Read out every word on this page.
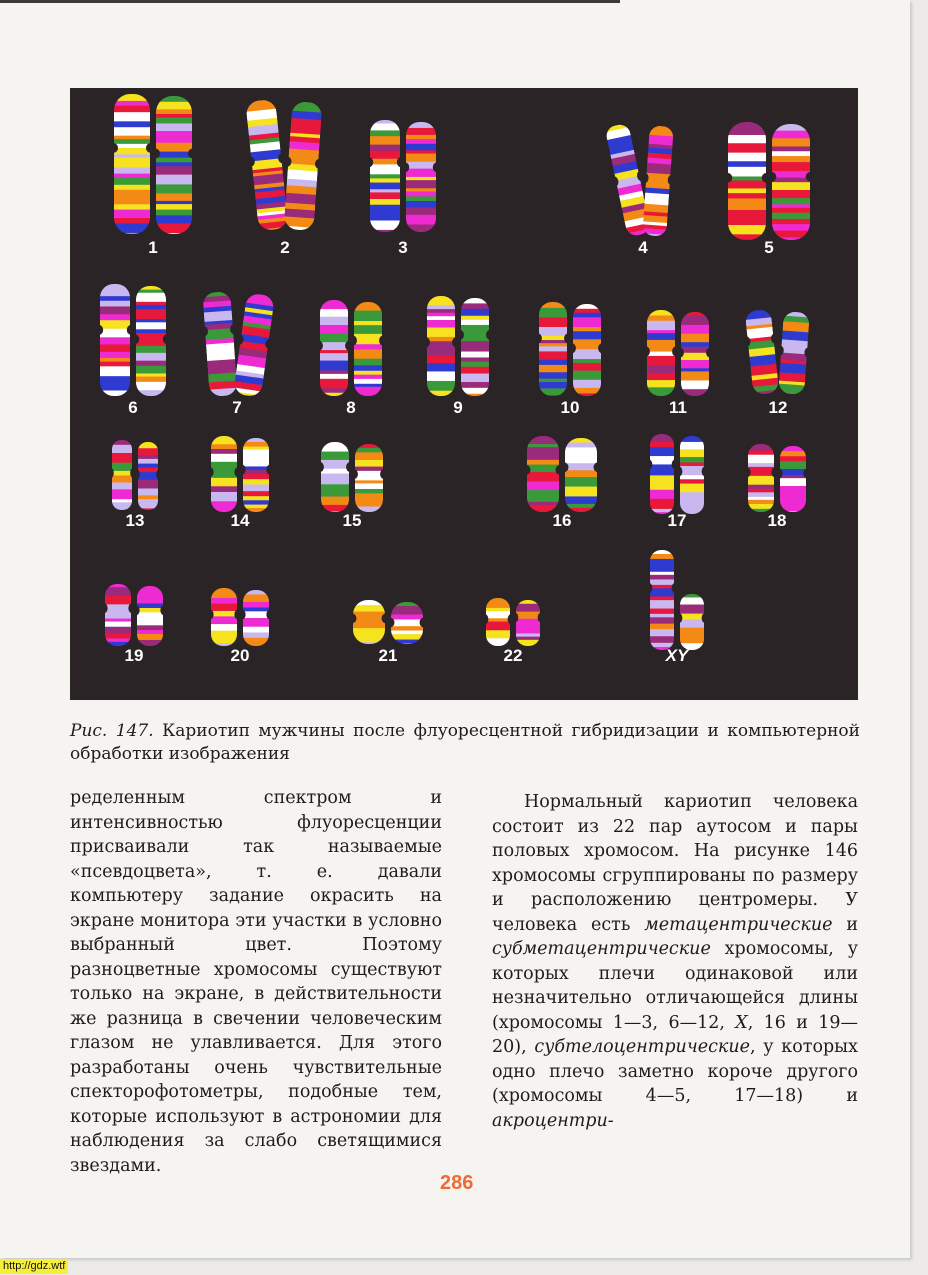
1	2	3	4	5
6	7	8	9	10	11	12
13	14	15	16	17	18
19	20	21	22	XY
Рис. 147. Кариотип мужчины после флуоресцентной гибридизации и компьютерной обработки изображения

ределенным спектром и интенсивностью флуоресценции присваивали так называемые «псевдоцвета», т. е. давали компьютеру задание окрасить на экране монитора эти участки в условно выбранный цвет. Поэтому разноцветные хромосомы существуют только на экране, в действительности же разница в свечении человеческим глазом не улавливается. Для этого разработаны очень чувствительные спекторофотометры, подобные тем, которые используют в астрономии для наблюдения за слабо светящимися звездами.

Нормальный кариотип человека состоит из 22 пар аутосом и пары половых хромосом. На рисунке 146 хромосомы сгруппированы по размеру и расположению центромеры. У человека есть метацентрические и субметацентрические хромосомы, у которых плечи одинаковой или незначительно отличающейся длины (хромосомы 1—3, 6—12, X, 16 и 19—20), субтелоцентрические, у которых одно плечо заметно короче другого (хромосомы 4—5, 17—18) и акроцентри-

286
http://gdz.wtf
